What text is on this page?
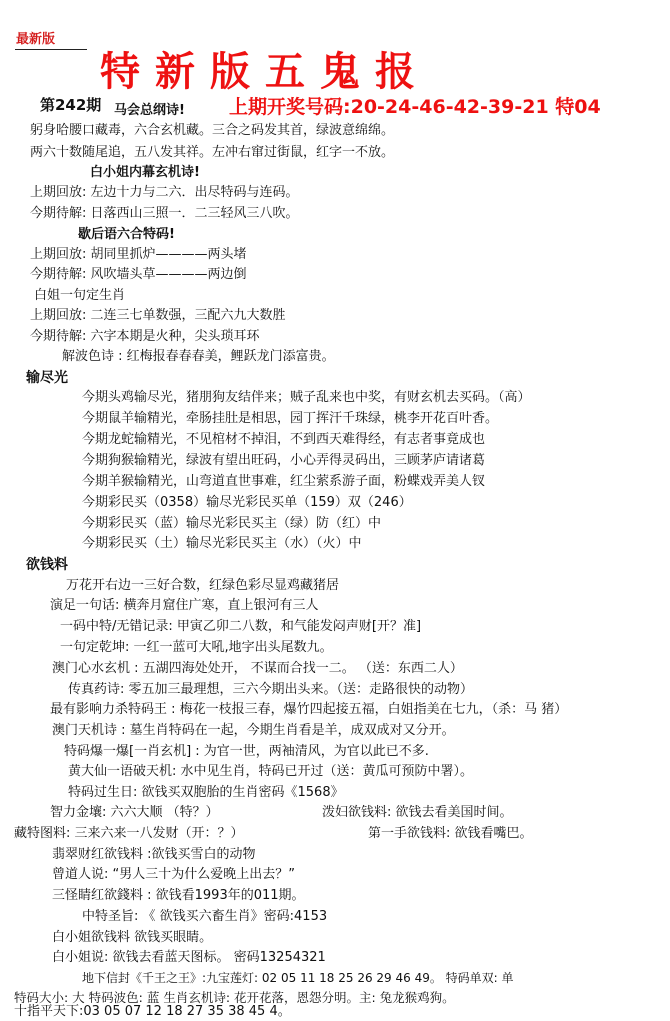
最新版
特新版五鬼报
第242期	上期开奖号码:20-24-46-42-39-21 特04
马会总纲诗!
躬身哈腰口藏毒，六合玄机藏。三合之码发其首，绿波意绵绵。
两六十数随尾追，五八发其祥。左冲右窜过街鼠，红字一不放。
白小姐内幕玄机诗!
上期回放: 左边十力与二六．出尽特码与连码。
今期待解: 日落西山三照一．二三轻风三八吹。
歇后语六合特码!
上期回放: 胡同里抓炉————两头堵
今期待解: 风吹墙头草————两边倒
白姐一句定生肖
上期回放: 二连三七单数强，三配六九大数胜
今期待解: 六字本期是火种，尖头琐耳环
解波色诗 : 红梅报春春春美，鲤跃龙门添富贵。
输尽光
今期头鸡输尽光，猪朋狗友结伴来；贼子乱来也中奖，有财玄机去买码。（高）
今期鼠羊输精光，牵肠挂肚是相思，园丁挥汗千珠绿，桃李开花百叶香。
今期龙蛇输精光，不见棺材不掉泪，不到西天难得经，有志者事竟成也
今期狗猴输精光，绿波有望出旺码，小心弄得灵码出，三顾茅庐请诸葛
今期羊猴输精光，山弯道直世事难，红尘萦系游子面，粉蝶戏弄美人钗
今期彩民买（0358）输尽光彩民买单（159）双（246）
今期彩民买（蓝）输尽光彩民买主（绿）防（红）中
今期彩民买（土）输尽光彩民买主（水）（火）中
欲钱料
万花开右边一三好合数，红绿色彩尽显鸡藏猪居
演足一句话: 横奔月窟住广寒，直上银河有三人
一码中特/无错记录: 甲寅乙卯二八数，和气能发闷声财[开？准]
一句定乾坤: 一红一蓝可大吼,地字出头尾数九。
澳门心水玄机 : 五湖四海处处开， 不谋而合找一二。 （送：东西二人）
传真药诗: 零五加三最理想，三六今期出头来。（送：走路很快的动物）
最有影响力杀特码王 : 梅花一枝报三春，爆竹四起接五福，白姐指美在七九，（杀：马 猪）
澳门天机诗 : 墓生肖特码在一起，今期生肖看是羊，成双成对又分开。
特码爆一爆[一肖玄机] : 为官一世，两袖清风，为官以此已不多.
黄大仙一语破天机: 水中见生肖，特码已开过（送：黄瓜可预防中署）。
特码过生日: 欲钱买双胞胎的生肖密码《1568》
智力金壤: 六六大顺 （特？）	泼妇欲钱料: 欲钱去看美国时间。
藏特图料: 三来六来一八发财（开：？）	第一手欲钱料: 欲钱看嘴巴。
翡翠财红欲钱料 :欲钱买雪白的动物
曾道人说: “男人三十为什么爱晚上出去？”
三怪睛红欲錢料 : 欲钱看1993年的011期。
中特圣旨: 《 欲钱买六畜生肖》密码:4153
白小姐欲钱料 欲钱买眼睛。
白小姐说: 欲钱去看蓝天图标。 密码13254321
地下信封《千王之王》:九宝莲灯: 02 05 11 18 25 26 29 46 49。 特码单双: 单
特码大小: 大 特码波色: 蓝 生肖玄机诗: 花开花落，恩怨分明。主: 兔龙猴鸡狗。
十指平天下:03 05 07 12 18 27 35 38 45 4。
